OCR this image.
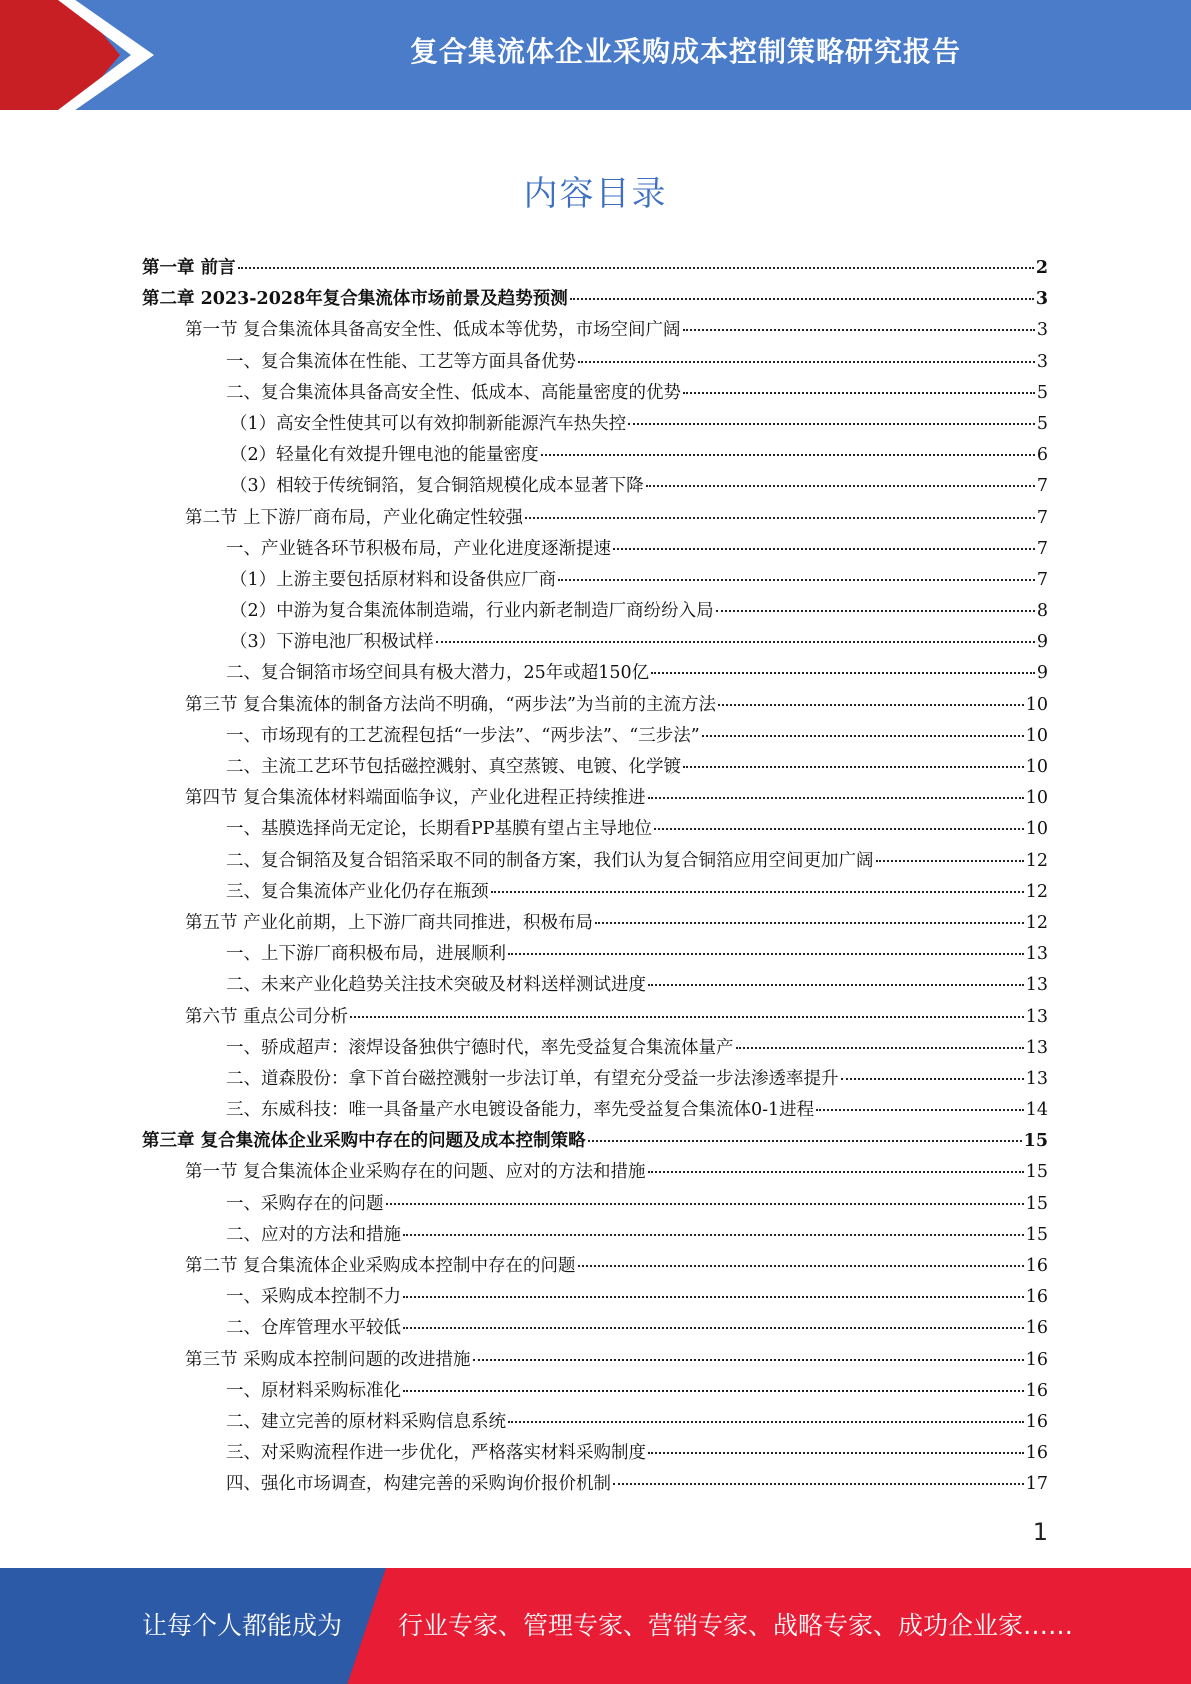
复合集流体企业采购成本控制策略研究报告
内容目录
第一章 前言	2
第二章 2023-2028年复合集流体市场前景及趋势预测	3
第一节 复合集流体具备高安全性、低成本等优势，市场空间广阔	3
一、复合集流体在性能、工艺等方面具备优势	3
二、复合集流体具备高安全性、低成本、高能量密度的优势	5
（1）高安全性使其可以有效抑制新能源汽车热失控	5
（2）轻量化有效提升锂电池的能量密度	6
（3）相较于传统铜箔，复合铜箔规模化成本显著下降	7
第二节 上下游厂商布局，产业化确定性较强	7
一、产业链各环节积极布局，产业化进度逐渐提速	7
（1）上游主要包括原材料和设备供应厂商	7
（2）中游为复合集流体制造端，行业内新老制造厂商纷纷入局	8
（3）下游电池厂积极试样	9
二、复合铜箔市场空间具有极大潜力，25年或超150亿	9
第三节 复合集流体的制备方法尚不明确，“两步法”为当前的主流方法	10
一、市场现有的工艺流程包括“一步法”、“两步法”、“三步法”	10
二、主流工艺环节包括磁控溅射、真空蒸镀、电镀、化学镀	10
第四节 复合集流体材料端面临争议，产业化进程正持续推进	10
一、基膜选择尚无定论，长期看PP基膜有望占主导地位	10
二、复合铜箔及复合铝箔采取不同的制备方案，我们认为复合铜箔应用空间更加广阔	12
三、复合集流体产业化仍存在瓶颈	12
第五节 产业化前期，上下游厂商共同推进，积极布局	12
一、上下游厂商积极布局，进展顺利	13
二、未来产业化趋势关注技术突破及材料送样测试进度	13
第六节 重点公司分析	13
一、骄成超声：滚焊设备独供宁德时代，率先受益复合集流体量产	13
二、道森股份：拿下首台磁控溅射一步法订单，有望充分受益一步法渗透率提升	13
三、东威科技：唯一具备量产水电镀设备能力，率先受益复合集流体0-1进程	14
第三章 复合集流体企业采购中存在的问题及成本控制策略	15
第一节 复合集流体企业采购存在的问题、应对的方法和措施	15
一、采购存在的问题	15
二、应对的方法和措施	15
第二节 复合集流体企业采购成本控制中存在的问题	16
一、采购成本控制不力	16
二、仓库管理水平较低	16
第三节 采购成本控制问题的改进措施	16
一、原材料采购标准化	16
二、建立完善的原材料采购信息系统	16
三、对采购流程作进一步优化，严格落实材料采购制度	16
四、强化市场调查，构建完善的采购询价报价机制	17
1
让每个人都能成为 行业专家、管理专家、营销专家、战略专家、成功企业家……
